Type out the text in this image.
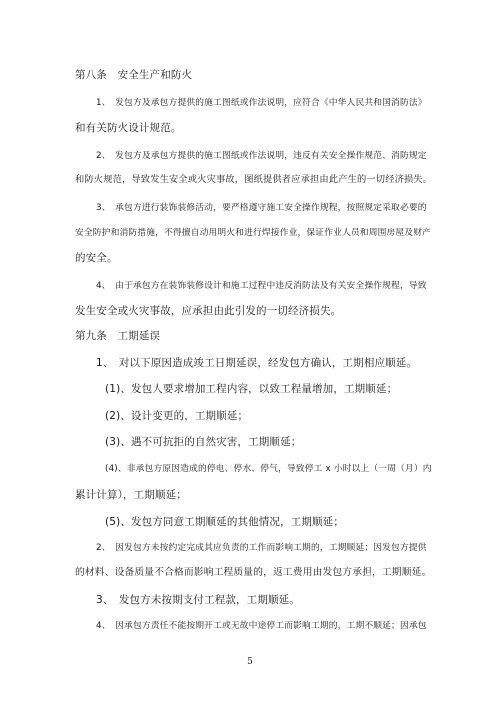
第八条　安全生产和防火
1、　发包方及承包方提供的施工图纸或作法说明，应符合《中华人民共和国消防法》
和有关防火设计规范。
2、　发包方及承包方提供的施工图纸或作法说明，违反有关安全操作规范、消防规定
和防火规范，导致发生安全或火灾事故，图纸提供者应承担由此产生的一切经济损失。
3、　承包方进行装饰装修活动，要严格遵守施工安全操作规程，按照规定采取必要的
安全防护和消防措施，不得擅自动用明火和进行焊接作业，保证作业人员和周围房屋及财产
的安全。
4、　由于承包方在装饰装修设计和施工过程中违反消防法及有关安全操作规程，导致
发生安全或火灾事故，应承担由此引发的一切经济损失。
第九条　工期延误
1、　对以下原因造成竣工日期延误，经发包方确认，工期相应顺延。
(1)、发包人要求增加工程内容，以致工程量增加，工期顺延；
(2)、设计变更的，工期顺延；
(3)、遇不可抗拒的自然灾害，工期顺延；
(4)、非承包方原因造成的停电、停水、停气，导致停工 x 小时以上（一周（月）内
累计计算），工期顺延；
(5)、发包方同意工期顺延的其他情况，工期顺延；
2、　因发包方未按约定完成其应负责的工作而影响工期的，工期顺延；因发包方提供
的材料、设备质量不合格而影响工程质量的，返工费用由发包方承担，工期顺延。
3、　发包方未按期支付工程款，工期顺延。
4、　因承包方责任不能按期开工或无故中途停工而影响工期的，工期不顺延；因承包
5
